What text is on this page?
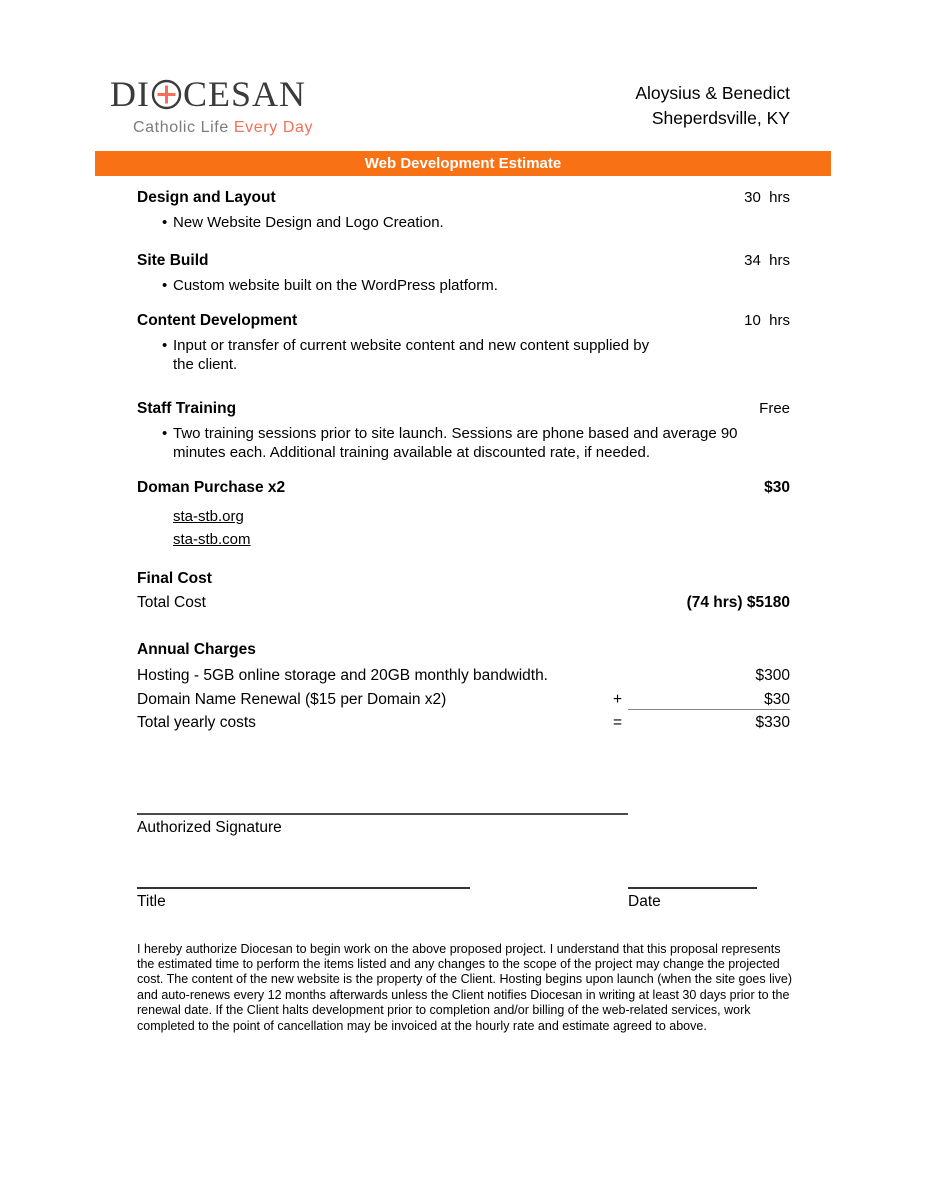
DI CESAN
Catholic Life Every Day
Aloysius & Benedict
Sheperdsville, KY
Web Development Estimate
Design and Layout	30  hrs
• New Website Design and Logo Creation.
Site Build	34  hrs
• Custom website built on the WordPress platform.
Content Development	10  hrs
• Input or transfer of current website content and new content supplied by the client.
Staff Training	Free
• Two training sessions prior to site launch. Sessions are phone based and average 90 minutes each. Additional training available at discounted rate, if needed.
Doman Purchase x2	$30
sta-stb.org
sta-stb.com
Final Cost
Total Cost	(74 hrs) $5180
Annual Charges
Hosting - 5GB online storage and 20GB monthly bandwidth.	$300
Domain Name Renewal ($15 per Domain x2)	+	$30
Total yearly costs	=	$330
Authorized Signature
Title	Date
I hereby authorize Diocesan to begin work on the above proposed project. I understand that this proposal represents the estimated time to perform the items listed and any changes to the scope of the project may change the projected cost. The content of the new website is the property of the Client. Hosting begins upon launch (when the site goes live) and auto-renews every 12 months afterwards unless the Client notifies Diocesan in writing at least 30 days prior to the renewal date. If the Client halts development prior to completion and/or billing of the web-related services, work completed to the point of cancellation may be invoiced at the hourly rate and estimate agreed to above.
